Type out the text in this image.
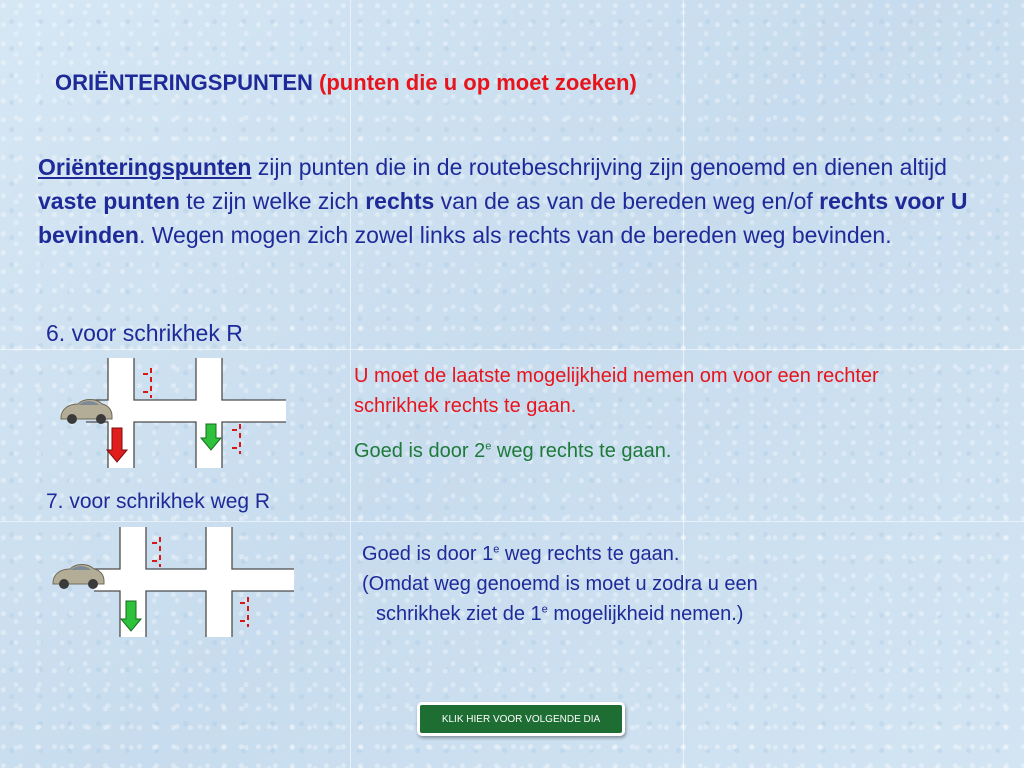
ORIËNTERINGSPUNTEN (punten die u op moet zoeken)
Oriënteringspunten zijn punten die in de routebeschrijving zijn genoemd en dienen altijd vaste punten te zijn welke zich rechts van de as van de bereden weg en/of rechts voor U bevinden. Wegen mogen zich zowel links als rechts van de bereden weg bevinden.
6. voor schrikhek R
U moet de laatste mogelijkheid nemen om voor een rechter schrikhek rechts te gaan.
Goed is door 2e weg rechts te gaan.
7. voor schrikhek weg R
Goed is door 1e weg rechts te gaan.
(Omdat weg genoemd is moet u zodra u een
schrikhek ziet de 1e mogelijkheid nemen.)
KLIK HIER VOOR VOLGENDE DIA
